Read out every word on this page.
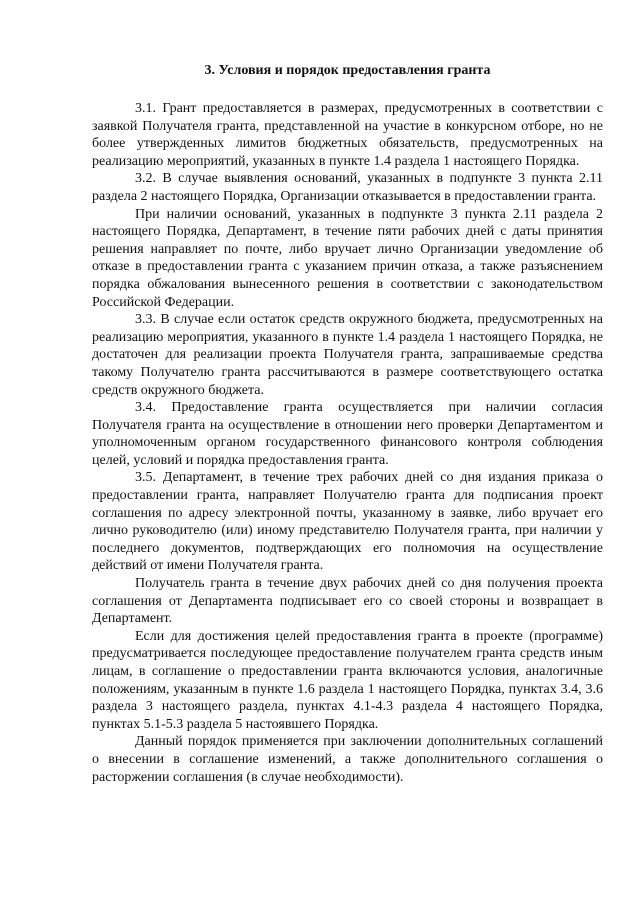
3. Условия и порядок предоставления гранта

3.1. Грант предоставляется в размерах, предусмотренных в соответствии с заявкой Получателя гранта, представленной на участие в конкурсном отборе, но не более утвержденных лимитов бюджетных обязательств, предусмотренных на реализацию мероприятий, указанных в пункте 1.4 раздела 1 настоящего Порядка.

3.2. В случае выявления оснований, указанных в подпункте 3 пункта 2.11 раздела 2 настоящего Порядка, Организации отказывается в предоставлении гранта.

При наличии оснований, указанных в подпункте 3 пункта 2.11 раздела 2 настоящего Порядка, Департамент, в течение пяти рабочих дней с даты принятия решения направляет по почте, либо вручает лично Организации уведомление об отказе в предоставлении гранта с указанием причин отказа, а также разъяснением порядка обжалования вынесенного решения в соответствии с законодательством Российской Федерации.

3.3. В случае если остаток средств окружного бюджета, предусмотренных на реализацию мероприятия, указанного в пункте 1.4 раздела 1 настоящего Порядка, не достаточен для реализации проекта Получателя гранта, запрашиваемые средства такому Получателю гранта рассчитываются в размере соответствующего остатка средств окружного бюджета.

3.4. Предоставление гранта осуществляется при наличии согласия Получателя гранта на осуществление в отношении него проверки Департаментом и уполномоченным органом государственного финансового контроля соблюдения целей, условий и порядка предоставления гранта.

3.5. Департамент, в течение трех рабочих дней со дня издания приказа о предоставлении гранта, направляет Получателю гранта для подписания проект соглашения по адресу электронной почты, указанному в заявке, либо вручает его лично руководителю (или) иному представителю Получателя гранта, при наличии у последнего документов, подтверждающих его полномочия на осуществление действий от имени Получателя гранта.

Получатель гранта в течение двух рабочих дней со дня получения проекта соглашения от Департамента подписывает его со своей стороны и возвращает в Департамент.

Если для достижения целей предоставления гранта в проекте (программе) предусматривается последующее предоставление получателем гранта средств иным лицам, в соглашение о предоставлении гранта включаются условия, аналогичные положениям, указанным в пункте 1.6 раздела 1 настоящего Порядка, пунктах 3.4, 3.6 раздела 3 настоящего раздела, пунктах 4.1-4.3 раздела 4 настоящего Порядка, пунктах 5.1-5.3 раздела 5 настоявшего Порядка.

Данный порядок применяется при заключении дополнительных соглашений о внесении в соглашение изменений, а также дополнительного соглашения о расторжении соглашения (в случае необходимости).
